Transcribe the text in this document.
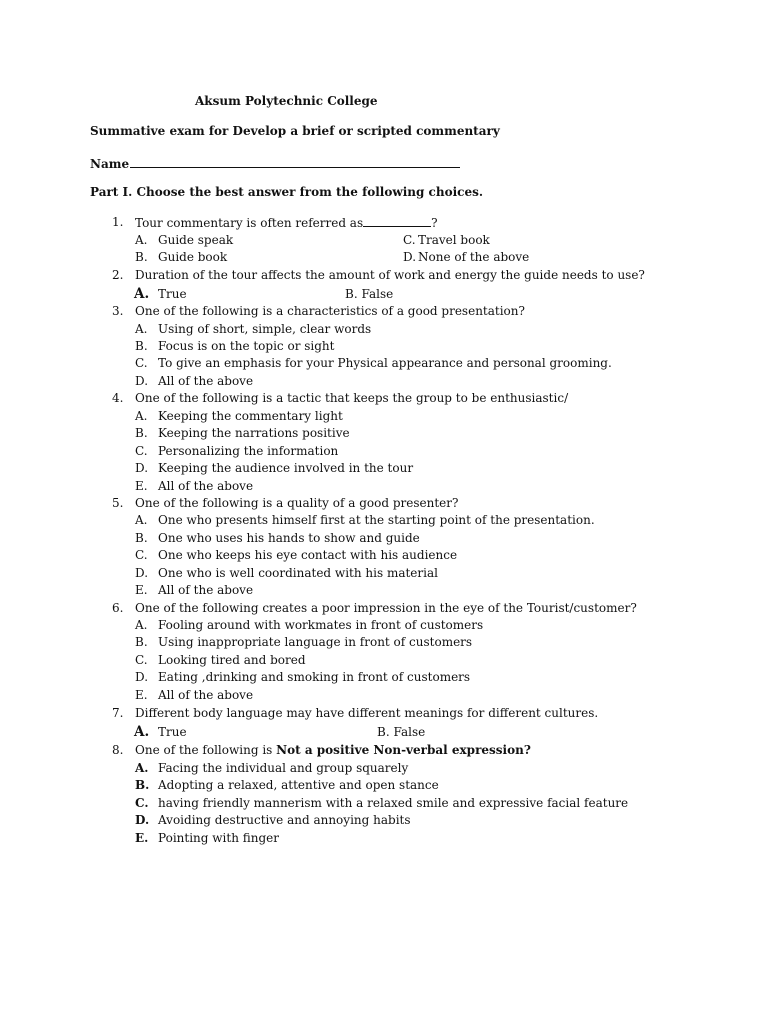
Aksum Polytechnic College
Summative exam for Develop a brief or scripted commentary
Name
Part I. Choose the best answer from the following choices.
1. Tour commentary is often referred as	?
A. Guide speak	C. Travel book
B. Guide book	D. None of the above
2. Duration of the tour affects the amount of work and energy the guide needs to use?
A. True	B. False
3. One of the following is a characteristics of a good presentation?
A. Using of short, simple, clear words
B. Focus is on the topic or sight
C. To give an emphasis for your Physical appearance and personal grooming.
D. All of the above
4. One of the following is a tactic that keeps the group to be enthusiastic/
A. Keeping the commentary light
B. Keeping the narrations positive
C. Personalizing the information
D. Keeping the audience involved in the tour
E. All of the above
5. One of the following is a quality of a good presenter?
A. One who presents himself first at the starting point of the presentation.
B. One who uses his hands to show and guide
C. One who keeps his eye contact with his audience
D. One who is well coordinated with his material
E. All of the above
6. One of the following creates a poor impression in the eye of the Tourist/customer?
A. Fooling around with workmates in front of customers
B. Using inappropriate language in front of customers
C. Looking tired and bored
D. Eating ,drinking and smoking in front of customers
E. All of the above
7. Different body language may have different meanings for different cultures.
A. True	B. False
8. One of the following is Not a positive Non-verbal expression?
A. Facing the individual and group squarely
B. Adopting a relaxed, attentive and open stance
C. having friendly mannerism with a relaxed smile and expressive facial feature
D. Avoiding destructive and annoying habits
E. Pointing with finger
